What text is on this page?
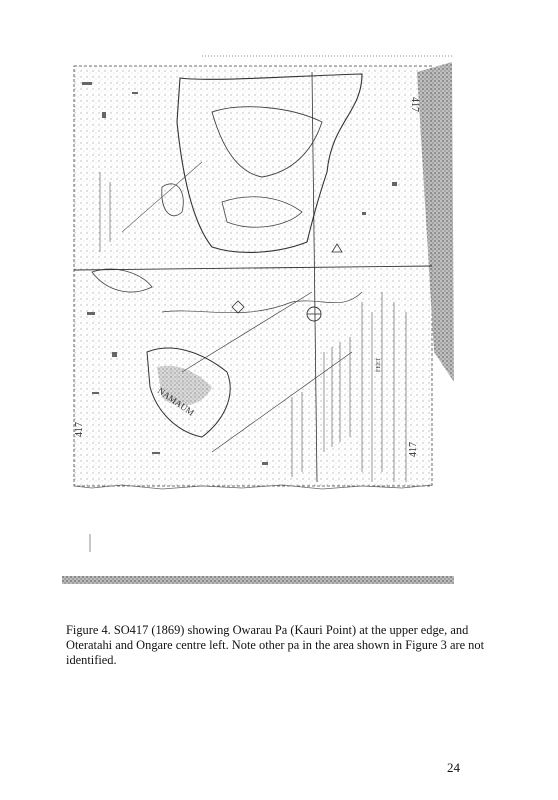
417
417
417
NAMAUM
FEET

Figure 4. SO417 (1869) showing Owarau Pa (Kauri Point) at the upper edge, and Oteratahi and Ongare centre left. Note other pa in the area shown in Figure 3 are not identified.

24
